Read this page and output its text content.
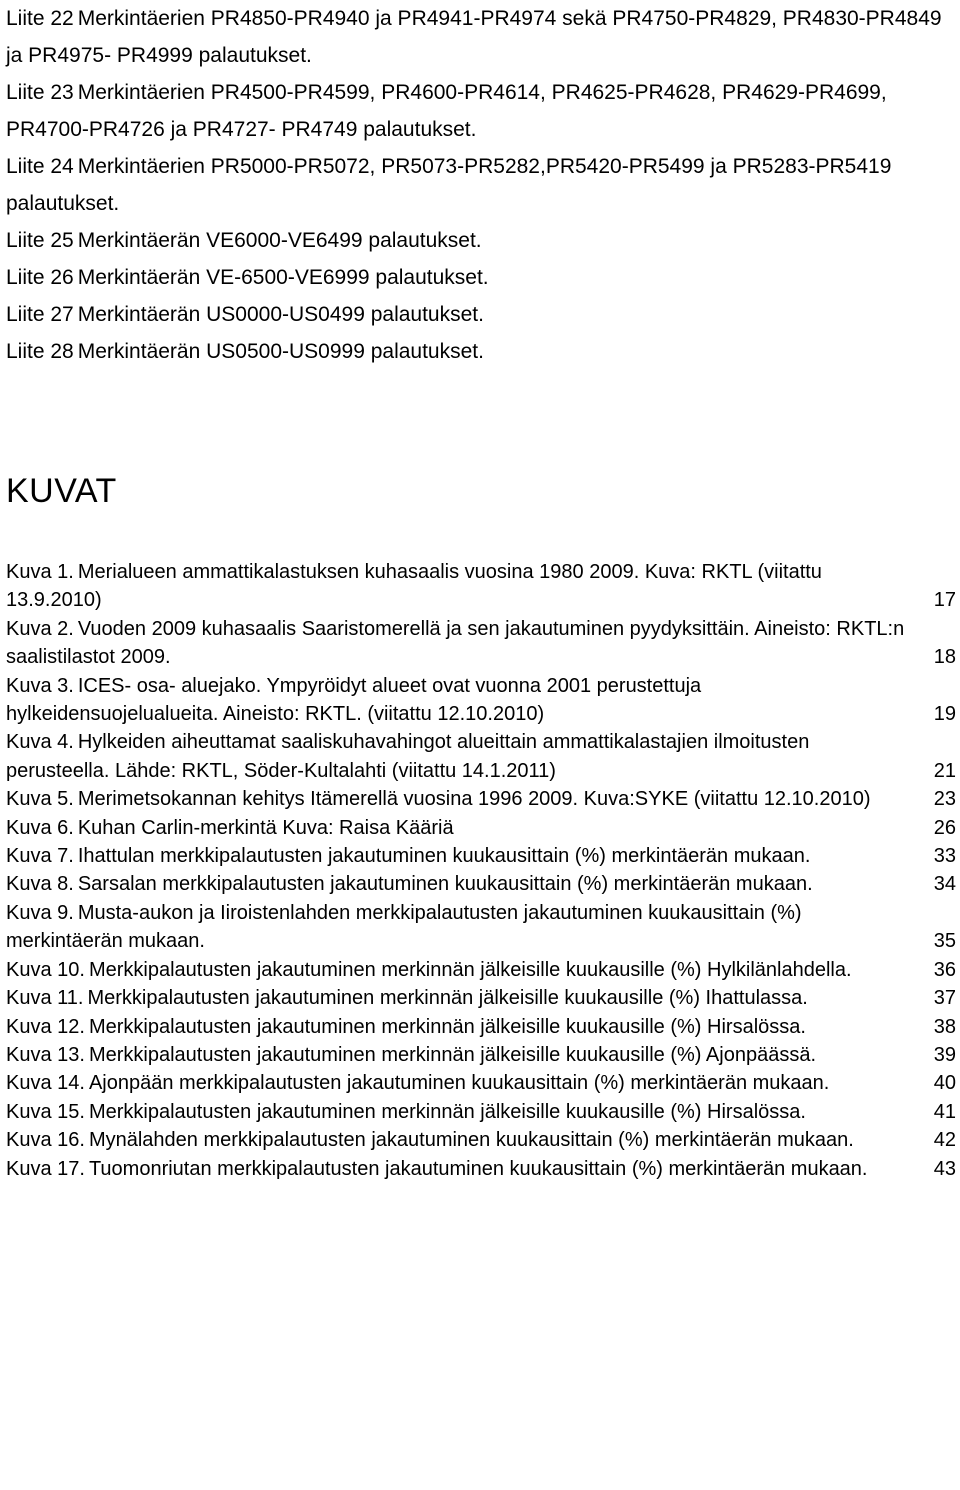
Liite 22 Merkintäerien PR4850-PR4940 ja PR4941-PR4974 sekä PR4750-PR4829, PR4830-PR4849 ja PR4975- PR4999 palautukset.

Liite 23 Merkintäerien PR4500-PR4599, PR4600-PR4614, PR4625-PR4628, PR4629-PR4699, PR4700-PR4726 ja PR4727- PR4749 palautukset.

Liite 24 Merkintäerien PR5000-PR5072, PR5073-PR5282,PR5420-PR5499 ja PR5283-PR5419 palautukset.

Liite 25 Merkintäerän VE6000-VE6499 palautukset.

Liite 26 Merkintäerän VE-6500-VE6999 palautukset.

Liite 27 Merkintäerän US0000-US0499 palautukset.

Liite 28 Merkintäerän US0500-US0999 palautukset.

KUVAT

Kuva 1. Merialueen ammattikalastuksen kuhasaalis vuosina 1980 2009. Kuva: RKTL (viitattu 13.9.2010)	17

Kuva 2. Vuoden 2009 kuhasaalis Saaristomerellä ja sen jakautuminen pyydyksittäin. Aineisto: RKTL:n saalistilastot 2009.	18

Kuva 3. ICES- osa- aluejako. Ympyröidyt alueet ovat vuonna 2001 perustettuja hylkeidensuojelualueita. Aineisto: RKTL. (viitattu 12.10.2010)	19

Kuva 4. Hylkeiden aiheuttamat saaliskuhavahingot alueittain ammattikalastajien ilmoitusten perusteella. Lähde: RKTL, Söder-Kultalahti (viitattu 14.1.2011)	21

Kuva 5. Merimetsokannan kehitys Itämerellä vuosina 1996 2009. Kuva:SYKE (viitattu 12.10.2010)	23

Kuva 6. Kuhan Carlin-merkintä Kuva: Raisa Kääriä	26

Kuva 7. Ihattulan merkkipalautusten jakautuminen kuukausittain (%) merkintäerän mukaan.	33

Kuva 8. Sarsalan merkkipalautusten jakautuminen kuukausittain (%) merkintäerän mukaan.	34

Kuva 9. Musta-aukon ja Iiroistenlahden merkkipalautusten jakautuminen kuukausittain (%) merkintäerän mukaan.	35

Kuva 10. Merkkipalautusten jakautuminen merkinnän jälkeisille kuukausille (%) Hylkilänlahdella.	36

Kuva 11. Merkkipalautusten jakautuminen merkinnän jälkeisille kuukausille (%) Ihattulassa.	37

Kuva 12. Merkkipalautusten jakautuminen merkinnän jälkeisille kuukausille (%) Hirsalössa.	38

Kuva 13. Merkkipalautusten jakautuminen merkinnän jälkeisille kuukausille (%) Ajonpäässä.	39

Kuva 14. Ajonpään merkkipalautusten jakautuminen kuukausittain (%) merkintäerän mukaan.	40

Kuva 15. Merkkipalautusten jakautuminen merkinnän jälkeisille kuukausille (%) Hirsalössa.	41

Kuva 16. Mynälahden merkkipalautusten jakautuminen kuukausittain (%) merkintäerän mukaan.	42

Kuva 17. Tuomonriutan merkkipalautusten jakautuminen kuukausittain (%) merkintäerän mukaan.	43
